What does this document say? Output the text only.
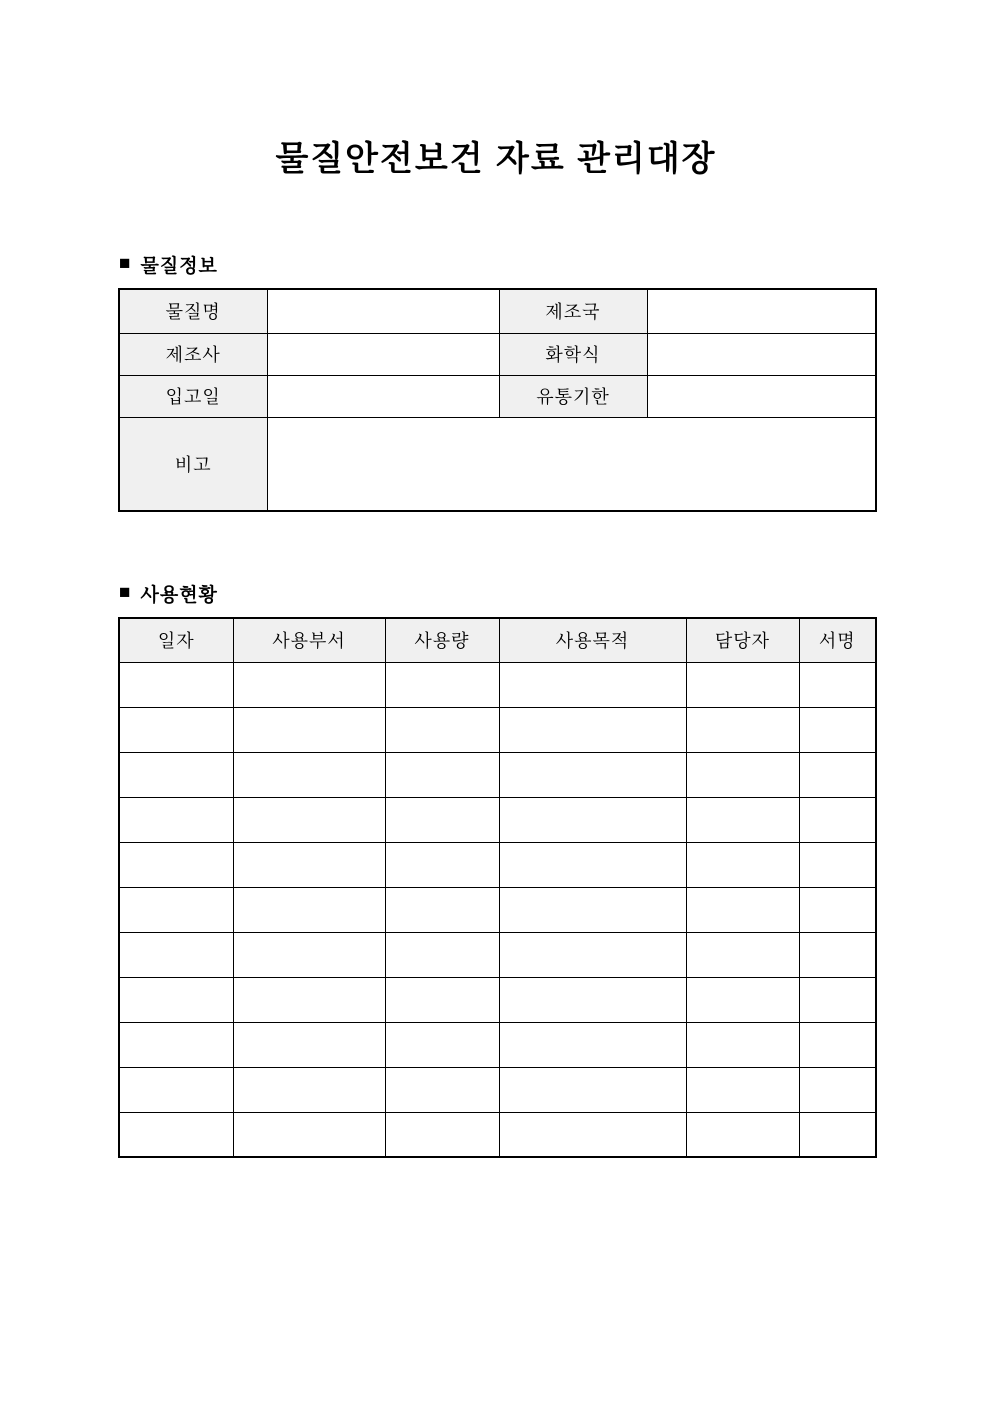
물질안전보건 자료 관리대장
■ 물질정보
물질명		제조국	
제조사		화학식	
입고일		유통기한	
비고			
■ 사용현황
일자	사용부서	사용량	사용목적	담당자	서명
